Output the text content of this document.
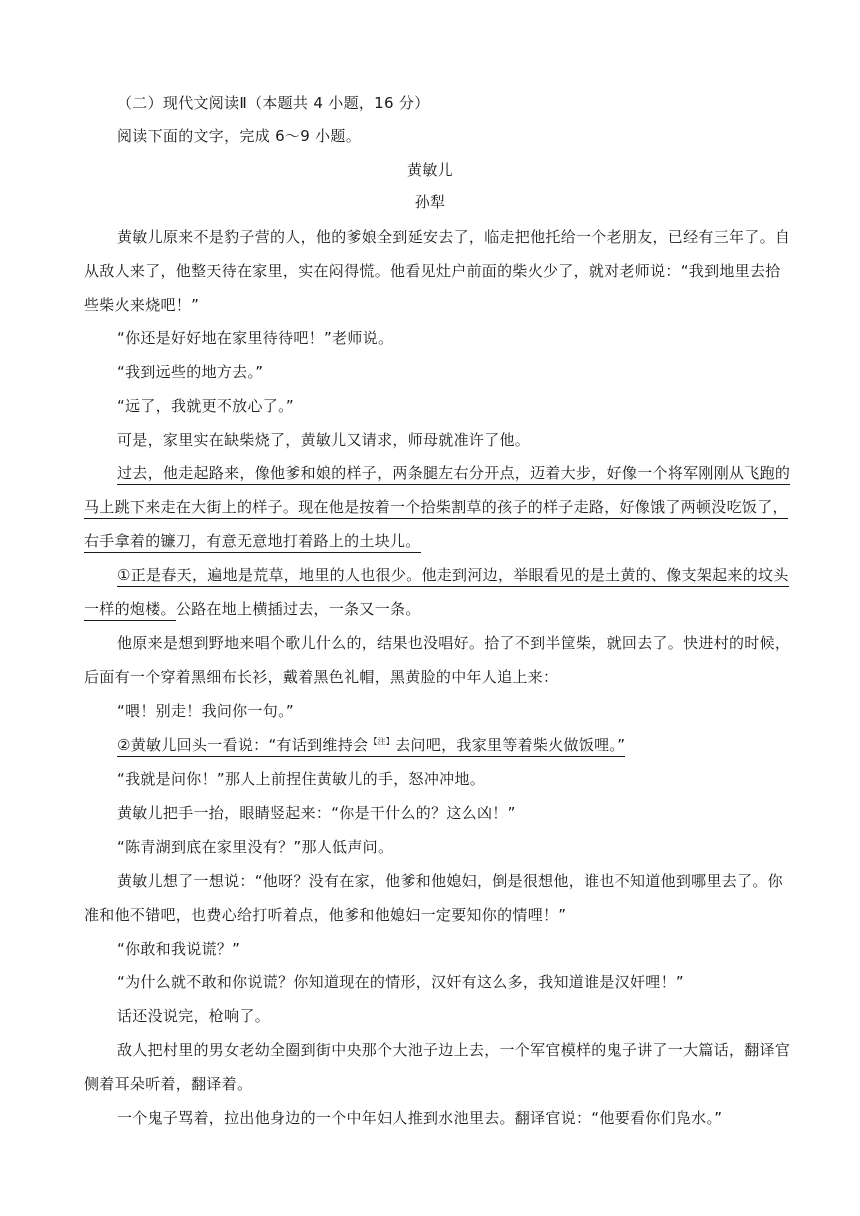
（二）现代文阅读Ⅱ（本题共 4 小题，16 分）
阅读下面的文字，完成 6～9 小题。
黄敏儿
孙犁
黄敏儿原来不是豹子营的人，他的爹娘全到延安去了，临走把他托给一个老朋友，已经有三年了。自
从敌人来了，他整天待在家里，实在闷得慌。他看见灶户前面的柴火少了，就对老师说：“我到地里去拾
些柴火来烧吧！”
“你还是好好地在家里待待吧！”老师说。
“我到远些的地方去。”
“远了，我就更不放心了。”
可是，家里实在缺柴烧了，黄敏儿又请求，师母就准许了他。
过去，他走起路来，像他爹和娘的样子，两条腿左右分开点，迈着大步，好像一个将军刚刚从飞跑的
马上跳下来走在大街上的样子。现在他是按着一个拾柴割草的孩子的样子走路，好像饿了两顿没吃饭了，
右手拿着的镰刀，有意无意地打着路上的土块儿。
①正是春天，遍地是荒草，地里的人也很少。他走到河边，举眼看见的是土黄的、像支架起来的坟头
一样的炮楼。公路在地上横插过去，一条又一条。
他原来是想到野地来唱个歌儿什么的，结果也没唱好。拾了不到半筐柴，就回去了。快进村的时候，
后面有一个穿着黑细布长衫，戴着黑色礼帽，黑黄脸的中年人追上来：
“喂！别走！我问你一句。”
②黄敏儿回头一看说：“有话到维持会$^{【注】}$去问吧，我家里等着柴火做饭哩。”
“我就是问你！”那人上前捏住黄敏儿的手，怒冲冲地。
黄敏儿把手一抬，眼睛竖起来：“你是干什么的？这么凶！”
“陈青湖到底在家里没有？”那人低声问。
黄敏儿想了一想说：“他呀？没有在家，他爹和他媳妇，倒是很想他，谁也不知道他到哪里去了。你
准和他不错吧，也费心给打听着点，他爹和他媳妇一定要知你的情哩！”
“你敢和我说谎？”
“为什么就不敢和你说谎？你知道现在的情形，汉奸有这么多，我知道谁是汉奸哩！”
话还没说完，枪响了。
敌人把村里的男女老幼全圈到街中央那个大池子边上去，一个军官模样的鬼子讲了一大篇话，翻译官
侧着耳朵听着，翻译着。
一个鬼子骂着，拉出他身边的一个中年妇人推到水池里去。翻译官说：“他要看你们凫水。”
